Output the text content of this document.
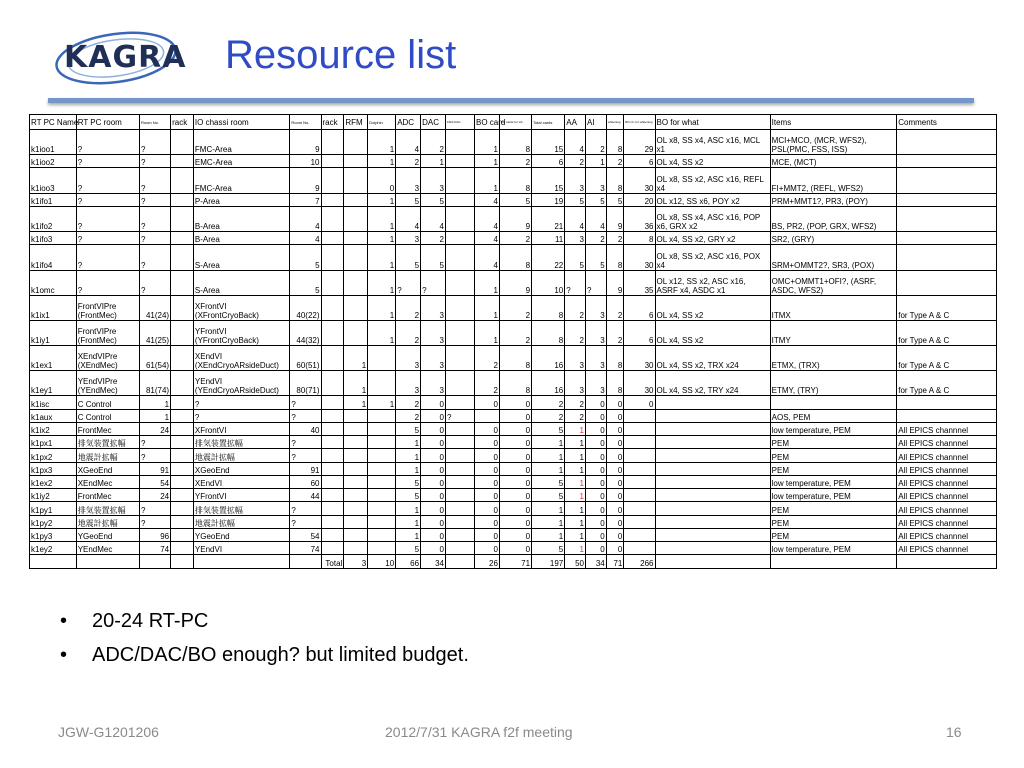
KAGRA Resource list
RT PC Name	RT PC room	Room No.	rack	IO chassi room	Room No.	rack	RFM	Dolphin	ADC	DAC	16bit DAC	BO card	BO cards for wh.	Total cards	AA	AI	whitening	BO ch. for whitening	BO for what	Items	Comments
k1ioo1	?	?		FMC-Area	9			1	4	2		1	8	15	4	2	8	29	OL x8, SS x4, ASC x16, MCL x1	MCI+MCO, (MCR, WFS2), PSL(PMC, FSS, ISS)	
k1ioo2	?	?		EMC-Area	10			1	2	1		1	2	6	2	1	2	6	OL x4, SS x2	MCE, (MCT)	
k1ioo3	?	?		FMC-Area	9			0	3	3		1	8	15	3	3	8	30	OL x8, SS x2, ASC x16, REFL x4	FI+MMT2, (REFL, WFS2)	
k1ifo1	?	?		P-Area	7			1	5	5		4	5	19	5	5	5	20	OL x12, SS x6, POY x2	PRM+MMT1?, PR3, (POY)	
k1ifo2	?	?		B-Area	4			1	4	4		4	9	21	4	4	9	36	OL x8, SS x4, ASC x16, POP x6, GRX x2	BS, PR2, (POP, GRX, WFS2)	
k1ifo3	?	?		B-Area	4			1	3	2		4	2	11	3	2	2	8	OL x4, SS x2, GRY x2	SR2, (GRY)	
k1ifo4	?	?		S-Area	5			1	5	5		4	8	22	5	5	8	30	OL x8, SS x2, ASC x16, POX x4	SRM+OMMT2?, SR3, (POX)	
k1omc	?	?		S-Area	5			1	?	?		1	9	10	?	?	9	35	OL x12, SS x2, ASC x16, ASRF x4, ASDC x1	OMC+OMMT1+OFI?, (ASRF, ASDC, WFS2)	
k1ix1	FrontVIPre (FrontMec)	41(24)		XFrontVI (XFrontCryoBack)	40(22)			1	2	3		1	2	8	2	3	2	6	OL x4, SS x2	ITMX	for Type A & C
k1iy1	FrontVIPre (FrontMec)	41(25)		YFrontVI (YFrontCryoBack)	44(32)			1	2	3		1	2	8	2	3	2	6	OL x4, SS x2	ITMY	for Type A & C
k1ex1	XEndVIPre (XEndMec)	61(54)		XEndVI (XEndCryoARsideDuct)	60(51)		1		3	3		2	8	16	3	3	8	30	OL x4, SS x2, TRX x24	ETMX, (TRX)	for Type A & C
k1ey1	YEndVIPre (YEndMec)	81(74)		YEndVI (YEndCryoARsideDuct)	80(71)		1		3	3		2	8	16	3	3	8	30	OL x4, SS x2, TRY x24	ETMY, (TRY)	for Type A & C
k1isc	C Control	1		?	?		1	1	2	0		0	0	2	2	0	0	0			
k1aux	C Control	1		?	?				2	0	?		0	2	2	0	0			AOS, PEM	
k1ix2	FrontMec	24		XFrontVI	40				5	0		0	0	5	1	0	0			low temperature, PEM	All EPICS channnel
k1px1	排気装置拡幅	?		排気装置拡幅	?				1	0		0	0	1	1	0	0			PEM	All EPICS channnel
k1px2	地震計拡幅	?		地震計拡幅	?				1	0		0	0	1	1	0	0			PEM	All EPICS channnel
k1px3	XGeoEnd	91		XGeoEnd	91				1	0		0	0	1	1	0	0			PEM	All EPICS channnel
k1ex2	XEndMec	54		XEndVI	60				5	0		0	0	5	1	0	0			low temperature, PEM	All EPICS channnel
k1iy2	FrontMec	24		YFrontVI	44				5	0		0	0	5	1	0	0			low temperature, PEM	All EPICS channnel
k1py1	排気装置拡幅	?		排気装置拡幅	?				1	0		0	0	1	1	0	0			PEM	All EPICS channnel
k1py2	地震計拡幅	?		地震計拡幅	?				1	0		0	0	1	1	0	0			PEM	All EPICS channnel
k1py3	YGeoEnd	96		YGeoEnd	54				1	0		0	0	1	1	0	0			PEM	All EPICS channnel
k1ey2	YEndMec	74		YEndVI	74				5	0		0	0	5	1	0	0			low temperature, PEM	All EPICS channnel
						Total	3	10	66	34		26	71	197	50	34	71	266			
• 20-24 RT-PC
• ADC/DAC/BO enough? but limited budget.
JGW-G1201206	2012/7/31 KAGRA f2f meeting	16
